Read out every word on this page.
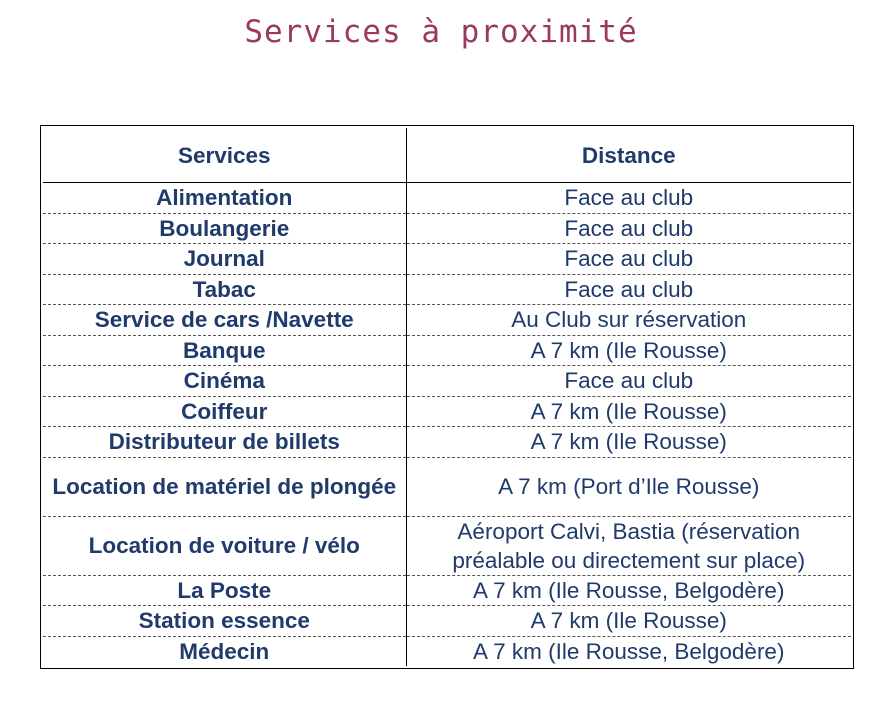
Services à proximité
Services	Distance
Alimentation	Face au club
Boulangerie	Face au club
Journal	Face au club
Tabac	Face au club
Service de cars /Navette	Au Club sur réservation
Banque	A 7 km (Ile Rousse)
Cinéma	Face au club
Coiffeur	A 7 km (Ile Rousse)
Distributeur de billets	A 7 km (Ile Rousse)
Location de matériel de plongée	A 7 km (Port d’Ile Rousse)
Location de voiture / vélo	Aéroport Calvi, Bastia (réservation préalable ou directement sur place)
La Poste	A 7 km (Ile Rousse, Belgodère)
Station essence	A 7 km (Ile Rousse)
Médecin	A 7 km (Ile Rousse, Belgodère)
